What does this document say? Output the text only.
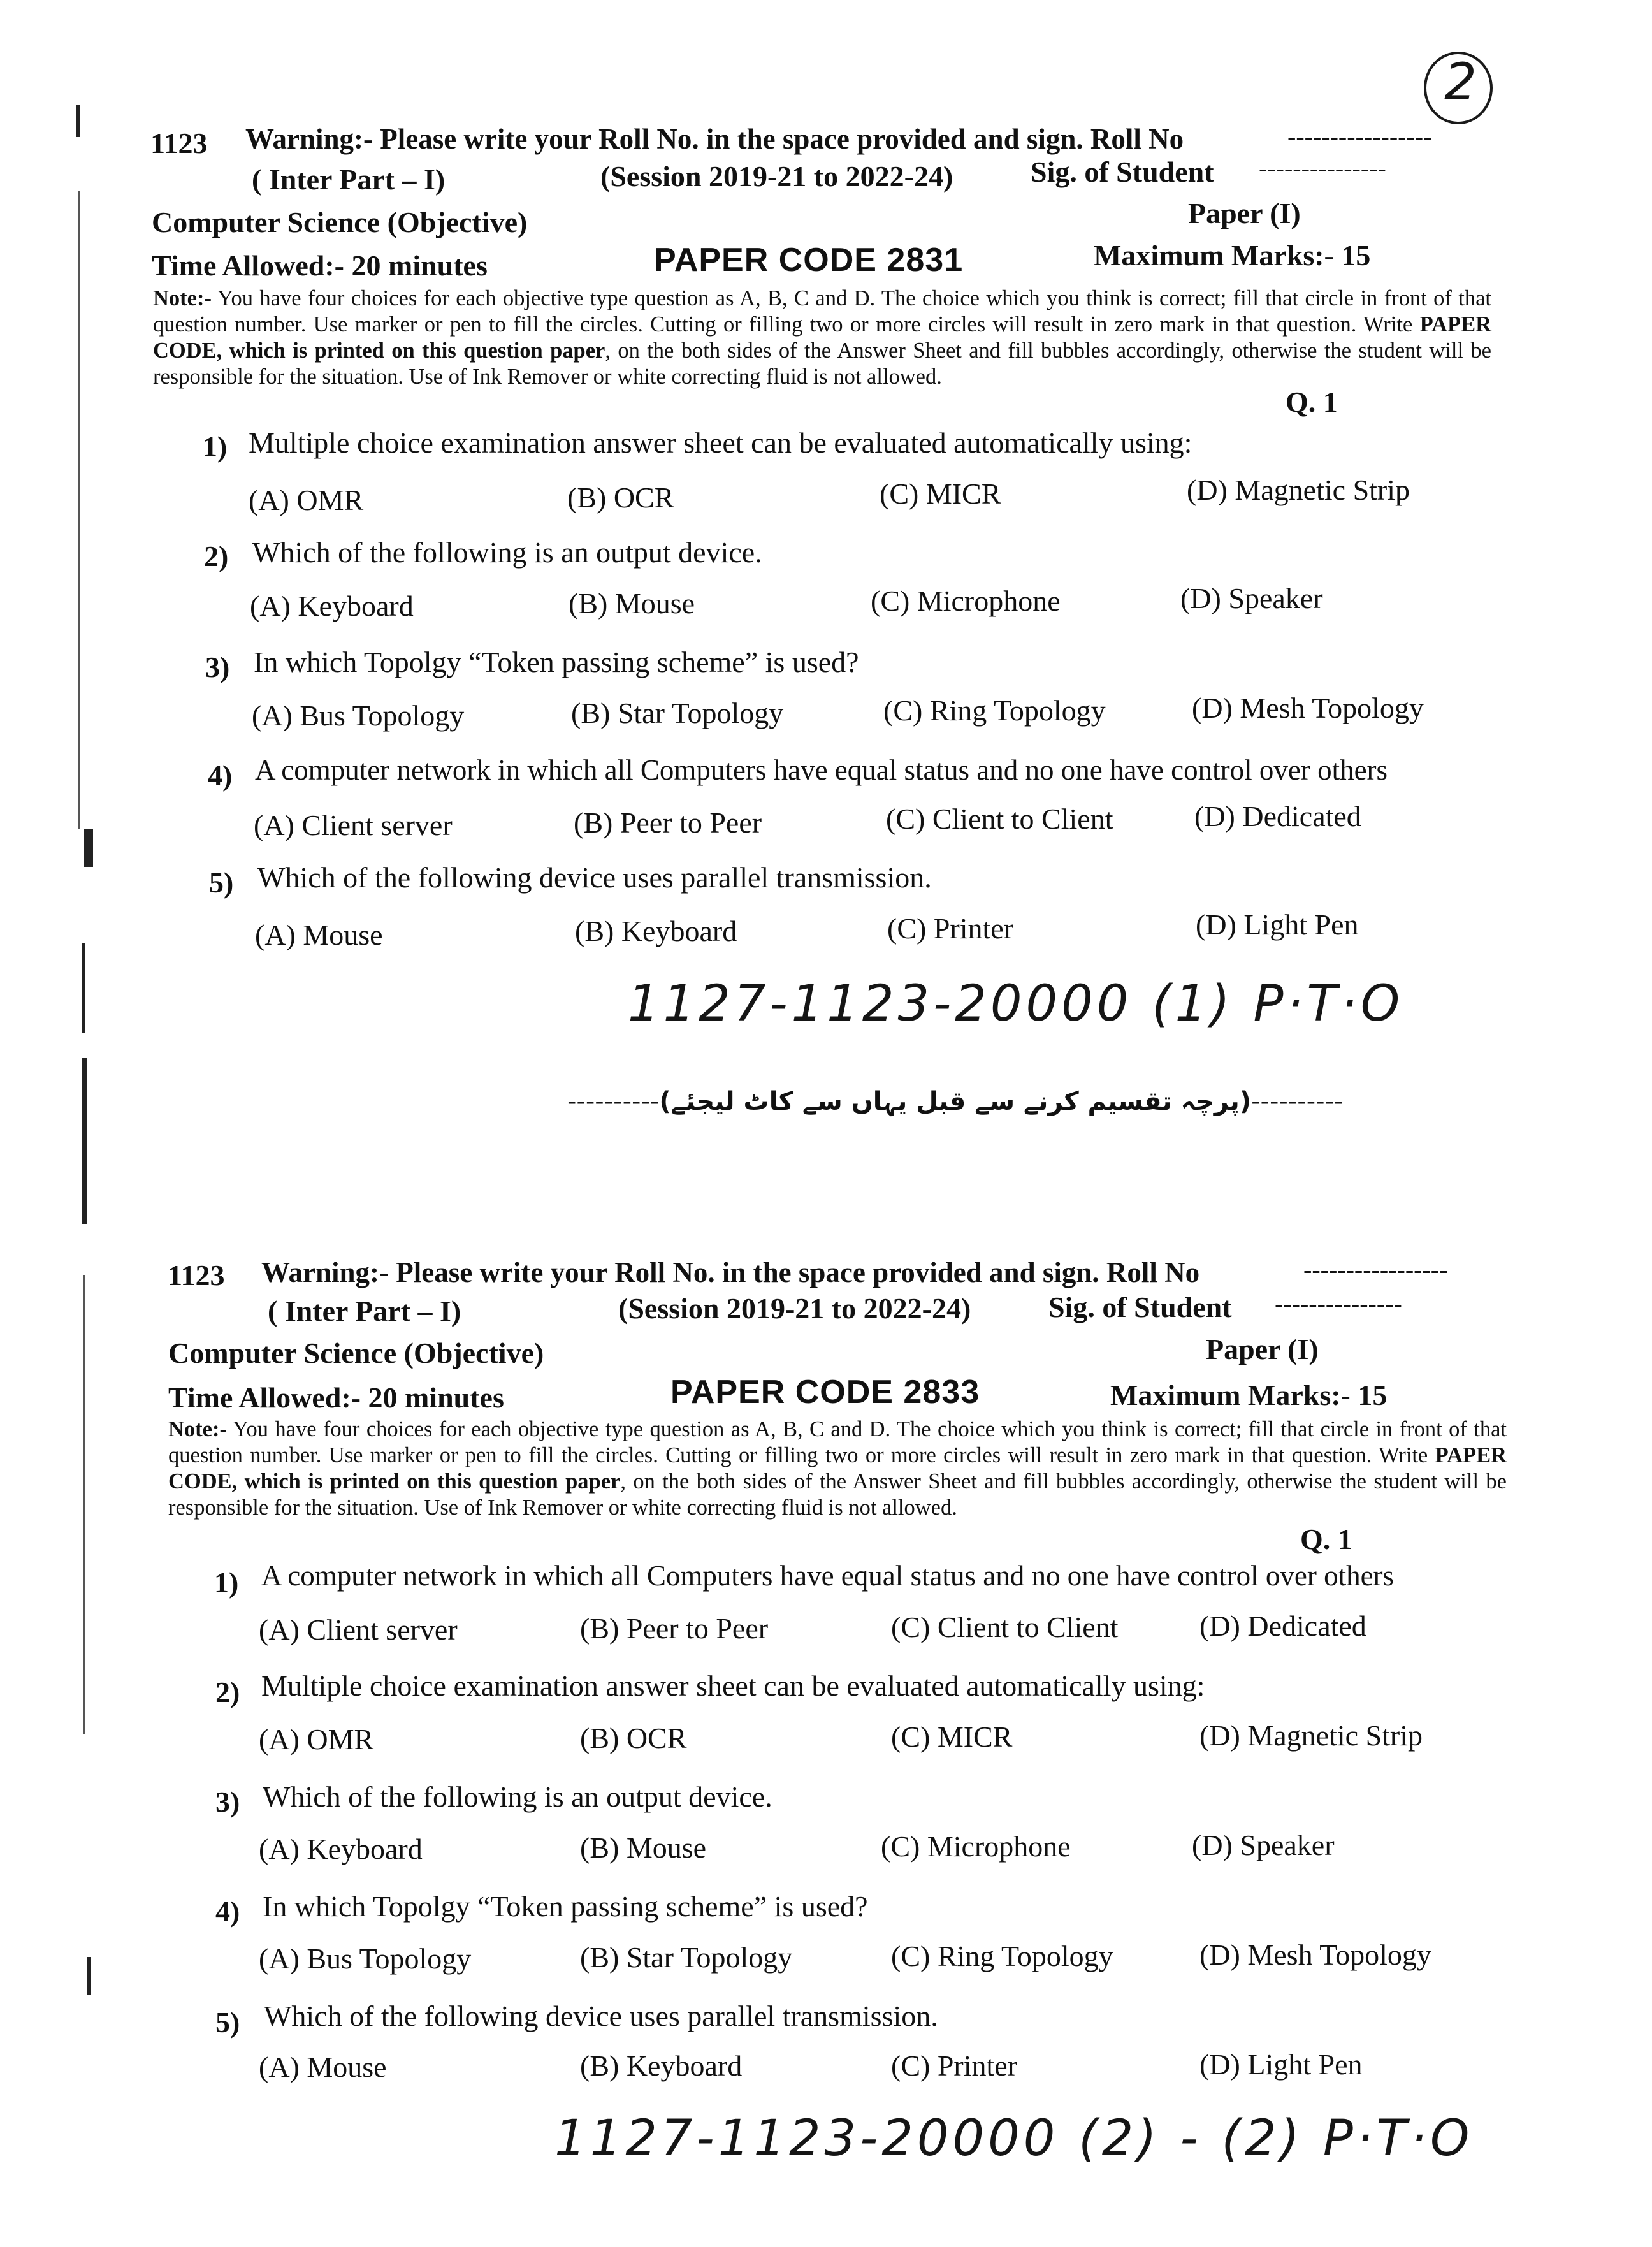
2
1123 Warning:- Please write your Roll No. in the space provided and sign. Roll No	-----------------
( Inter Part – I)	(Session 2019-21 to 2022-24)	Sig. of Student ---------------
Computer Science (Objective)	Paper (I)
Time Allowed:- 20 minutes	PAPER CODE 2831	Maximum Marks:- 15
Note:- You have four choices for each objective type question as A, B, C and D. The choice which you think is correct; fill that circle in front of that question number. Use marker or pen to fill the circles. Cutting or filling two or more circles will result in zero mark in that question. Write PAPER CODE, which is printed on this question paper, on the both sides of the Answer Sheet and fill bubbles accordingly, otherwise the student will be responsible for the situation. Use of Ink Remover or white correcting fluid is not allowed.
Q. 1
1) Multiple choice examination answer sheet can be evaluated automatically using:
(A) OMR	(B) OCR	(C) MICR	(D) Magnetic Strip
2) Which of the following is an output device.
(A) Keyboard	(B) Mouse	(C) Microphone	(D) Speaker
3) In which Topolgy “Token passing scheme” is used?
(A) Bus Topology	(B) Star Topology	(C) Ring Topology	(D) Mesh Topology
4) A computer network in which all Computers have equal status and no one have control over others
(A) Client server	(B) Peer to Peer	(C) Client to Client	(D) Dedicated
5) Which of the following device uses parallel transmission.
(A) Mouse	(B) Keyboard	(C) Printer	(D) Light Pen
1127-1123-20000 (1) P·T·O
----------(پرچہ تقسیم کرنے سے قبل یہاں سے کاٹ لیجئے)----------
1123 Warning:- Please write your Roll No. in the space provided and sign. Roll No	-----------------
( Inter Part – I)	(Session 2019-21 to 2022-24)	Sig. of Student ---------------
Computer Science (Objective)	Paper (I)
Time Allowed:- 20 minutes	PAPER CODE 2833	Maximum Marks:- 15
Note:- You have four choices for each objective type question as A, B, C and D. The choice which you think is correct; fill that circle in front of that question number. Use marker or pen to fill the circles. Cutting or filling two or more circles will result in zero mark in that question. Write PAPER CODE, which is printed on this question paper, on the both sides of the Answer Sheet and fill bubbles accordingly, otherwise the student will be responsible for the situation. Use of Ink Remover or white correcting fluid is not allowed.
Q. 1
1) A computer network in which all Computers have equal status and no one have control over others
(A) Client server	(B) Peer to Peer	(C) Client to Client	(D) Dedicated
2) Multiple choice examination answer sheet can be evaluated automatically using:
(A) OMR	(B) OCR	(C) MICR	(D) Magnetic Strip
3) Which of the following is an output device.
(A) Keyboard	(B) Mouse	(C) Microphone	(D) Speaker
4) In which Topolgy “Token passing scheme” is used?
(A) Bus Topology	(B) Star Topology	(C) Ring Topology	(D) Mesh Topology
5) Which of the following device uses parallel transmission.
(A) Mouse	(B) Keyboard	(C) Printer	(D) Light Pen
1127-1123-20000 (2) - (2) P·T·O
